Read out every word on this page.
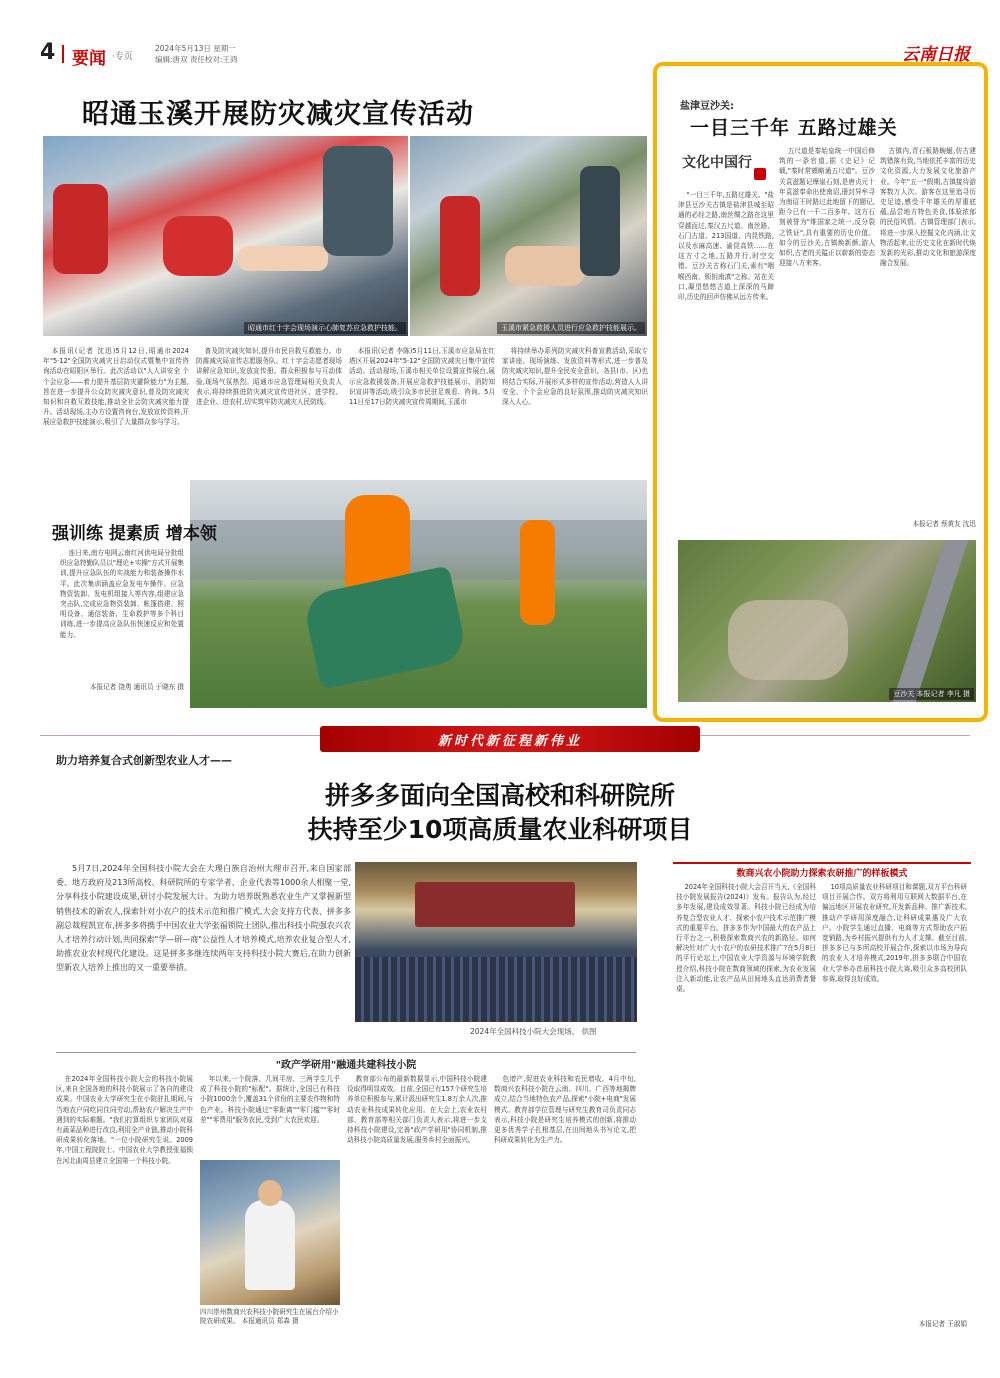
4 要闻 ·专页
2024年5月13日 星期一
编辑:唐双 责任校对:王鸿	云南日报
昭通玉溪开展防灾减灾宣传活动
昭通市红十字会现场演示心肺复苏应急救护技能。	玉溪市紧急救援人员进行应急救护技能展示。
本报讯(记者 沈迅)5月12日,昭通市2024年"5·12"全国防灾减灾日启动仪式暨集中宣传咨询活动在昭阳区举行。此次活动以"人人讲安全 个个会应急——着力提升基层防灾避险能力"为主题,旨在进一步提升公众防灾减灾意识,普及防灾减灾知识和自救互救技能,推动全社会防灾减灾能力提升。活动现场,主办方设置咨询台,发放宣传资料,开展应急救护技能演示,吸引了大量群众参与学习。
普及防灾减灾知识,提升市民自救互救能力。市防震减灾局宣传志愿服务队、红十字会志愿者现场讲解应急知识,发放宣传册。群众积极参与互动体验,现场气氛热烈。昭通市应急管理局相关负责人表示,将持续推进防灾减灾宣传进社区、进学校、进企业、进农村,切实筑牢防灾减灾人民防线。
本报讯(记者 李陈)5月11日,玉溪市应急局在红塔区开展2024年"5·12"全国防灾减灾日集中宣传活动。活动现场,玉溪市相关单位设置宣传展台,展示应急救援装备,开展应急救护技能展示、消防知识宣讲等活动,吸引众多市民驻足观看、咨询。5月11日至17日防灾减灾宣传周期间,玉溪市
将持续举办系列防灾减灾科普宣教活动,采取专家讲座、现场演练、发放资料等形式,进一步普及防灾减灾知识,提升全民安全意识。各县(市、区)也将结合实际,开展形式多样的宣传活动,营造人人讲安全、个个会应急的良好氛围,推动防灾减灾知识深入人心。
强训练 提素质 增本领
连日来,南方电网云南红河供电局分批组织应急特勤队员以"理论+实操"方式开展集训,提升应急队伍的实战能力和装备操作水平。此次集训涵盖应急发电车操作、应急物资装卸、发电机组接入等内容,组建应急突击队,完成应急物资装卸、帐篷搭建、照明设备、通信装备、生命救护等多个科目训练,进一步提高应急队伍快速反应和处置能力。
本报记者 饶勇 通讯员 于晓东 摄
盐津豆沙关:
一目三千年 五路过雄关
文化中国行
"一目三千年,五路过雄关。"盐津县豆沙关古镇是盐津县城至昭通的必经之路,南丝绸之路在这里穿越而过,秦汉五尺道、南丝路、石门古道、213国道、内昆铁路,以及水麻高速、渝昆高铁……在这方寸之地,五路并行,时空交错。豆沙关古称石门关,素有"咽喉西南、锁钥南滇"之称。站在关口,凝望悠悠古道上深深的马蹄印,历史的回声仿佛从远方传来。
五尺道是秦始皇统一中国后修筑的一条官道,据《史记》记载,"秦时常頞略通五尺道"。豆沙关袁滋题记摩崖石刻,是唐贞元十年袁滋奉命出使南诏,册封异牟寻为南诏王时路过此地留下的题记,距今已有一千二百多年。这方石刻被誉为"维国家之统一,反分裂之铁证",具有重要的历史价值。如今的豆沙关,古镇焕新颜,游人如织,古老的关隘正以崭新的姿态迎接八方来客。
古镇内,青石板路蜿蜒,仿古建筑错落有致,当地依托丰富的历史文化资源,大力发展文化旅游产业。今年"五一"假期,古镇接待游客数万人次。游客在这里追寻历史足迹,感受千年雄关的厚重底蕴,品尝地方特色美食,体验浓郁的民俗风情。古镇管理部门表示,将进一步深入挖掘文化内涵,让文物活起来,让历史文化在新时代焕发新的光彩,推动文化和旅游深度融合发展。
本报记者 蔡黄友 沈迅
豆沙关 本报记者 李凡 摄
新时代新征程新伟业
助力培养复合式创新型农业人才——
拼多多面向全国高校和科研院所
扶持至少10项高质量农业科研项目
5月7日,2024年全国科技小院大会在大理白族自治州大理市召开,来自国家部委、地方政府及213所高校、科研院所的专家学者、企业代表等1000余人相聚一堂,分享科技小院建设成果,研讨小院发展大计。为助力培养既熟悉农业生产又掌握新型销售技术的新农人,探索针对小农户的技术示范和推广模式,大会支持方代表、拼多多副总裁程凯宣布,拼多多将携手中国农业大学张福锁院士团队,推出科技小院强农兴农人才培养行动计划,共同探索"学—研—商"公益性人才培养模式,培养农业复合型人才,助推农业农村现代化建设。这是拼多多继连续两年支持科技小院大赛后,在助力创新型新农人培养上推出的又一重要举措。
2024年全国科技小院大会现场。 供图
数商兴农小院助力探索农研推广的样板模式
2024年全国科技小院大会召开当天,《全国科技小院发展报告(2024)》发布。报告认为,经过多年发展,建设成效显著。科技小院已经成为培养复合型农业人才、探索小农户技术示范推广模式的重要平台。拼多多作为中国最大的农产品上行平台之一,积极探索数商兴农的新路径。如何解决针对广大小农户的农研技术推广?在5月8日的平行论坛上,中国农业大学资源与环境学院教授介绍,科技小院在数商领域的探索,为农业发展注入新动能,让农产品从田间地头直达消费者餐桌。
10项高质量农业科研项目和课题,双方平台科研项目开展合作。双方将利用互联网大数据平台,在偏远地区开展农业研究,开发新品种、推广新技术,推动产学研用深度融合,让科研成果惠及广大农户。小院学生通过直播、电商等方式帮助农户拓宽销路,为乡村振兴提供有力人才支撑。截至目前,拼多多已与多所高校开展合作,探索以市场为导向的农业人才培养模式,2019年,拼多多联合中国农业大学举办首届科技小院大赛,吸引众多高校团队参赛,取得良好成效。
本报记者 王淑娟
"政产学研用"融通共建科技小院
在2024年全国科技小院大会的科技小院展区,来自全国各地的科技小院展示了各自的建设成果。中国农业大学研究生在小院驻扎期间,与当地农户同吃同住同劳动,帮助农户解决生产中遇到的实际难题。"我们打算组织专家团队对原有蔬菜品种进行改良,利用全产业链,推动小院科研成果转化落地。"一位小院研究生说。2009年,中国工程院院士、中国农业大学教授张福锁在河北曲周县建立全国第一个科技小院。
年以来,一个院落、几间平房、三两学生几乎成了科技小院的"标配"。据统计,全国已有科技小院1000余个,覆盖31个省份的主要农作物和特色产业。科技小院通过"零距离""零门槛""零时差""零费用"服务农民,受到广大农民欢迎。
四川崇州数商兴农科技小院研究生在展台介绍小院农研成果。 本报通讯员 郑森 摄
教育部公布的最新数据显示,中国科技小院建设取得明显成效。目前,全国已有157个研究生培养单位积极参与,累计派出研究生1.8万余人次,推动农业科技成果转化应用。在大会上,农业农村部、教育部等相关部门负责人表示,将进一步支持科技小院建设,完善"政产学研用"协同机制,推动科技小院高质量发展,服务乡村全面振兴。
色增产,促进农业科技和农民增收。4月中旬,数商兴农科技小院在云南、四川、广西等地揭牌成立,结合当地特色农产品,探索"小院+电商"发展模式。教育部学位管理与研究生教育司负责同志表示,科技小院是研究生培养模式的创新,将推动更多优秀学子扎根基层,在田间地头书写论文,把科研成果转化为生产力。
